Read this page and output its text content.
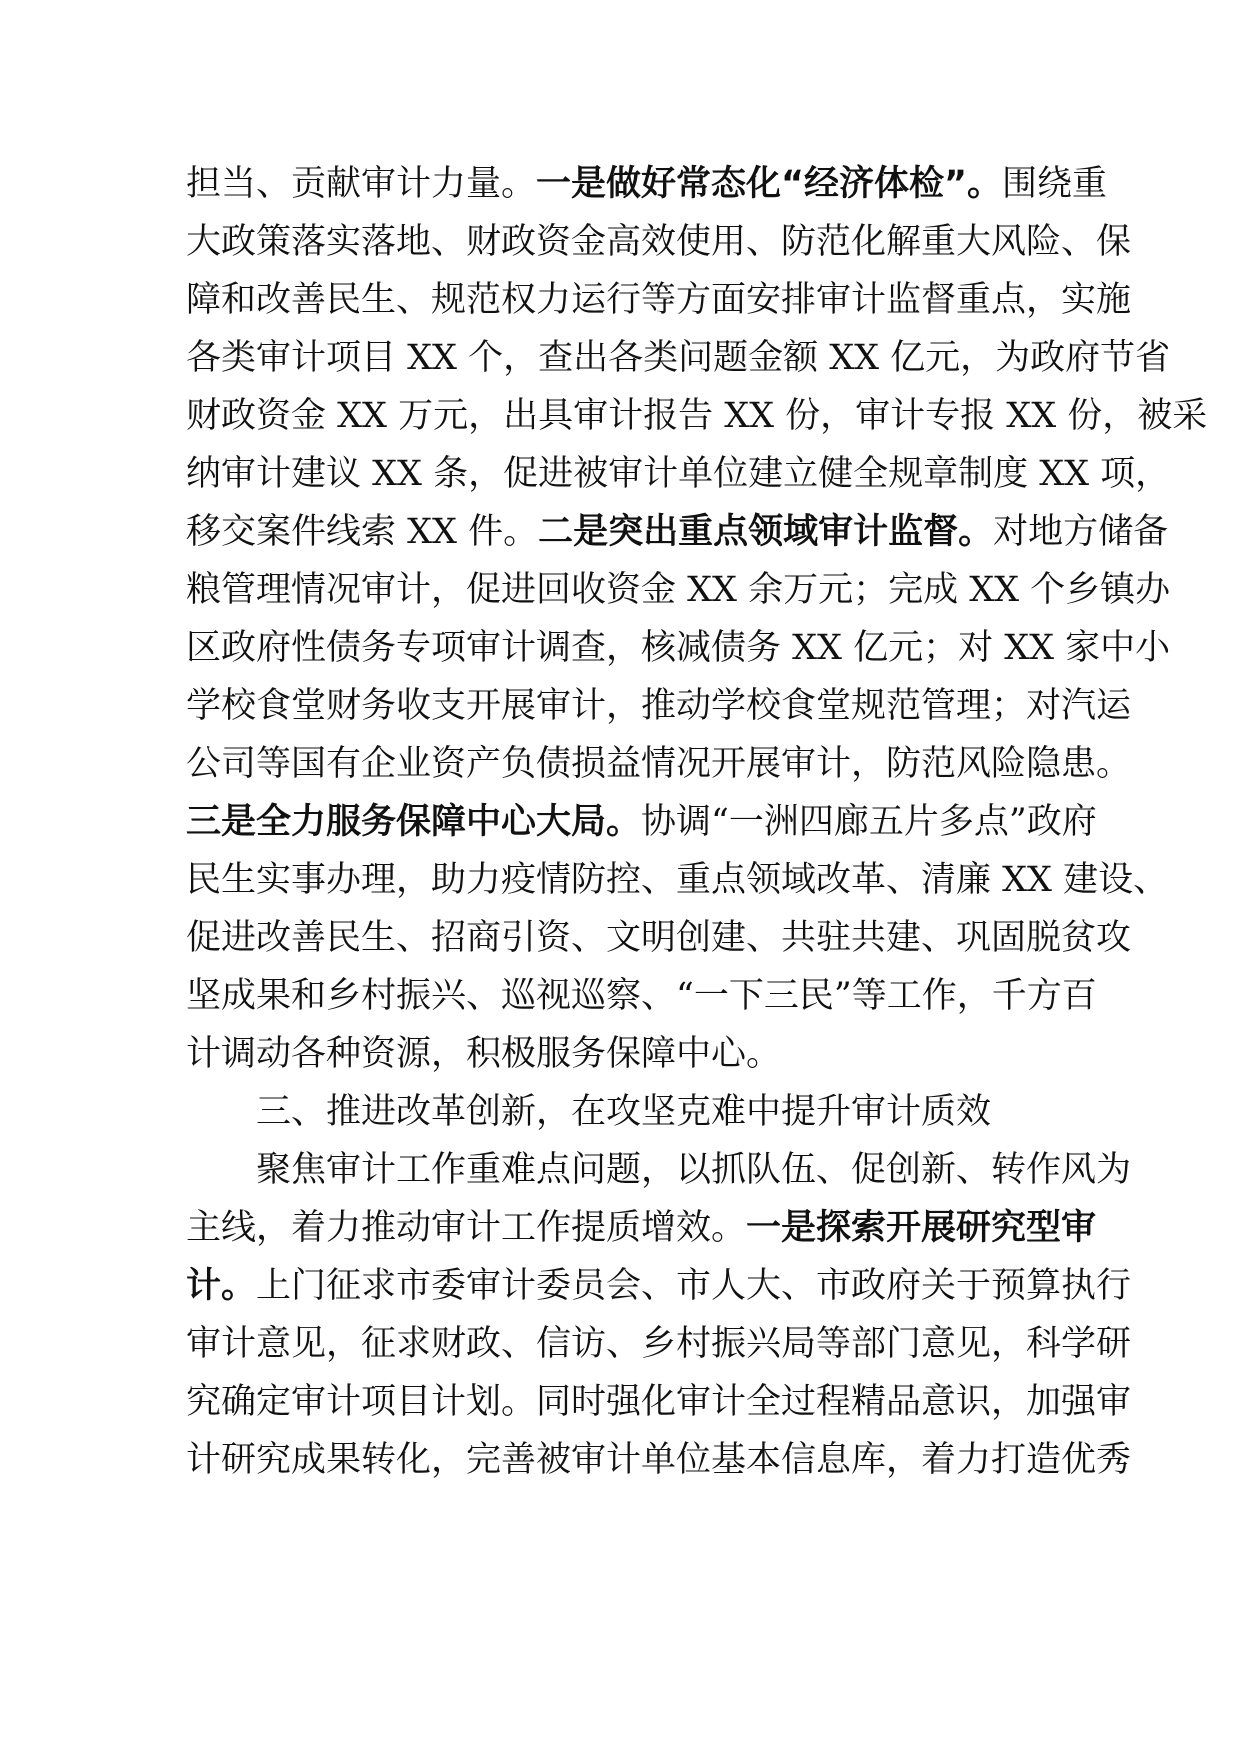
担当、贡献审计力量。一是做好常态化“经济体检”。围绕重
大政策落实落地、财政资金高效使用、防范化解重大风险、保
障和改善民生、规范权力运行等方面安排审计监督重点，实施
各类审计项目 XX 个，查出各类问题金额 XX 亿元，为政府节省
财政资金 XX 万元，出具审计报告 XX 份，审计专报 XX 份，被采
纳审计建议 XX 条，促进被审计单位建立健全规章制度 XX 项，
移交案件线索 XX 件。二是突出重点领域审计监督。对地方储备
粮管理情况审计，促进回收资金 XX 余万元；完成 XX 个乡镇办
区政府性债务专项审计调查，核减债务 XX 亿元；对 XX 家中小
学校食堂财务收支开展审计，推动学校食堂规范管理；对汽运
公司等国有企业资产负债损益情况开展审计，防范风险隐患。
三是全力服务保障中心大局。协调“一洲四廊五片多点”政府
民生实事办理，助力疫情防控、重点领域改革、清廉 XX 建设、
促进改善民生、招商引资、文明创建、共驻共建、巩固脱贫攻
坚成果和乡村振兴、巡视巡察、“一下三民”等工作，千方百
计调动各种资源，积极服务保障中心。
三、推进改革创新，在攻坚克难中提升审计质效
聚焦审计工作重难点问题，以抓队伍、促创新、转作风为
主线，着力推动审计工作提质增效。一是探索开展研究型审
计。上门征求市委审计委员会、市人大、市政府关于预算执行
审计意见，征求财政、信访、乡村振兴局等部门意见，科学研
究确定审计项目计划。同时强化审计全过程精品意识，加强审
计研究成果转化，完善被审计单位基本信息库，着力打造优秀
